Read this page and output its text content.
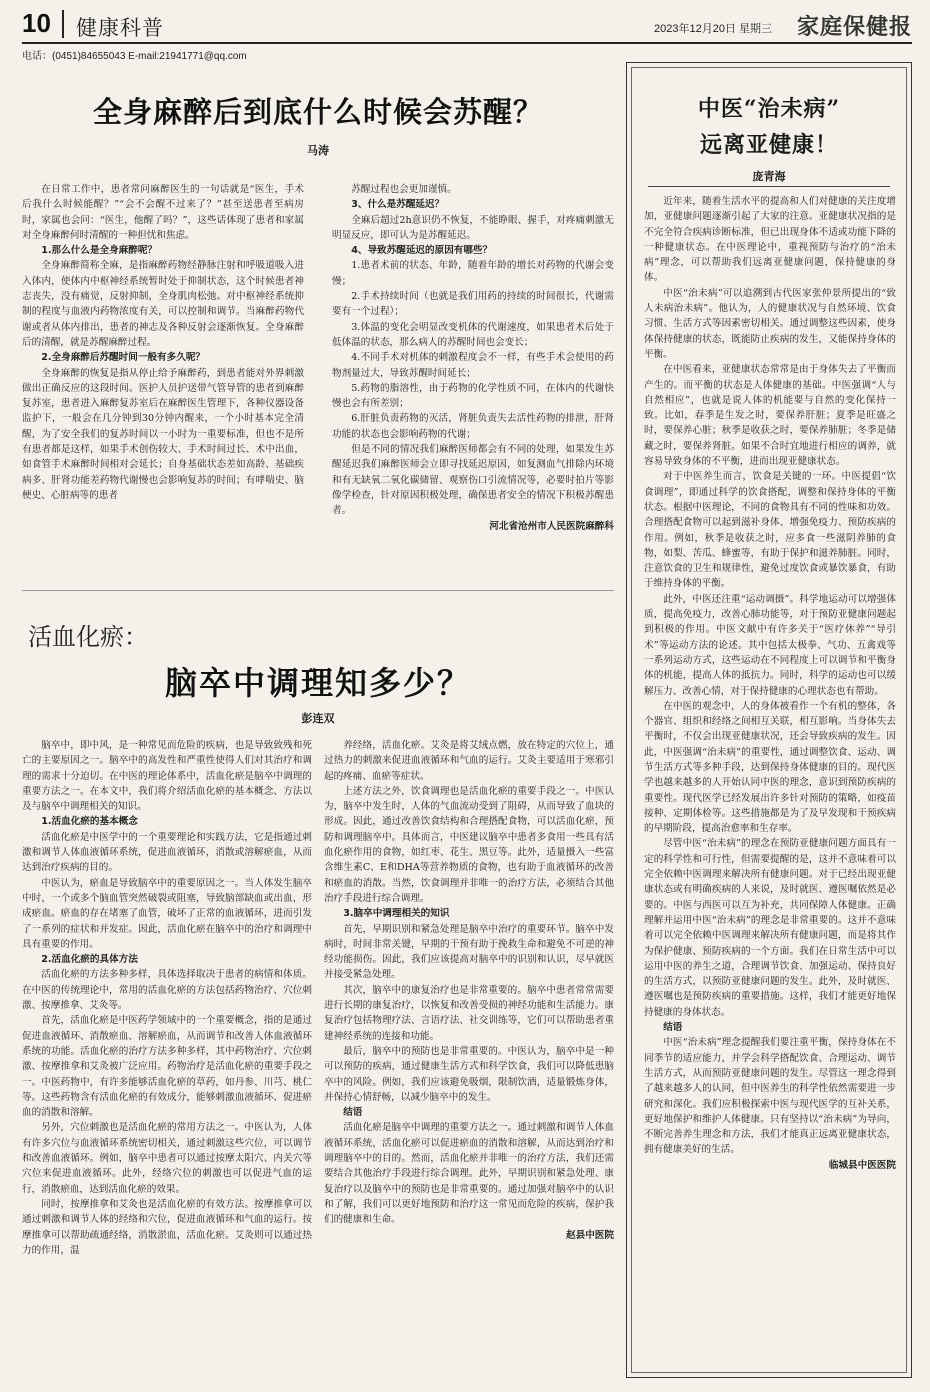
10 健康科普	2023年12月20日 星期三 家庭保健报
电话：(0451)84655043 E-mail:21941771@qq.com
全身麻醉后到底什么时候会苏醒？
马涛

在日常工作中，患者常问麻醉医生的一句话就是“医生，手术后我什么时候能醒？”“会不会醒不过来了？”甚至送患者至病房时，家属也会问：“医生，他醒了吗？”，这些话体现了患者和家属对全身麻醉何时清醒的一种担忧和焦虑。

1.那么什么是全身麻醉呢？

全身麻醉简称全麻，是指麻醉药物经静脉注射和呼吸道吸入进入体内，使体内中枢神经系统暂时处于抑制状态，这个时候患者神志丧失，没有痛觉，反射抑制，全身肌肉松弛。对中枢神经系统抑制的程度与血液内药物浓度有关，可以控制和调节。当麻醉药物代谢或者从体内排出，患者的神志及各种反射会逐渐恢复。全身麻醉后的清醒，就是苏醒麻醉过程。

2.全身麻醉后苏醒时间一般有多久呢？

全身麻醉的恢复是指从停止给予麻醉药，到患者能对外界刺激做出正确反应的这段时间。医护人员护送带气管导管的患者到麻醉复苏室，患者进入麻醉复苏室后在麻醉医生管理下，各种仪器设备监护下，一般会在几分钟到30分钟内醒来，一个小时基本完全清醒，为了安全我们的复苏时间以一小时为一重要标准，但也不是所有患者都是这样，如果手术创伤较大、手术时间过长、术中出血，如食管手术麻醉时间相对会延长；自身基础状态差如高龄、基础疾病多、肝肾功能差药物代谢慢也会影响复苏的时间；有哮喘史、脑梗史、心脏病等的患者

苏醒过程也会更加谨慎。

3、什么是苏醒延迟？

全麻后超过2h意识仍不恢复，不能睁眼、握手，对疼痛刺激无明显反应，即可认为是苏醒延迟。

4、导致苏醒延迟的原因有哪些？

1.患者术前的状态、年龄，随着年龄的增长对药物的代谢会变慢；

2.手术持续时间（也就是我们用药的持续的时间很长，代谢需要有一个过程）；

3.体温的变化会明显改变机体的代谢速度，如果患者术后处于低体温的状态，那么病人的苏醒时间也会变长；

4.不同手术对机体的刺激程度会不一样，有些手术会使用的药物剂量过大，导致苏醒时间延长；

5.药物的脂溶性，由于药物的化学性质不同，在体内的代谢快慢也会有所差别；

6.肝脏负责药物的灭活，肾脏负责失去活性药物的排泄，肝肾功能的状态也会影响药物的代谢；

但是不同的情况我们麻醉医师都会有不同的处理，如果发生苏醒延迟我们麻醉医师会立即寻找延迟原因，如复测血气排除内环境和有无缺氧二氧化碳储留、观察伤口引流情况等，必要时拍片等影像学检查，针对原因积极处理，确保患者安全的情况下积极苏醒患者。

河北省沧州市人民医院麻醉科

活血化瘀：
脑卒中调理知多少？
彭连双

脑卒中，即中风，是一种常见而危险的疾病，也是导致致残和死亡的主要原因之一。脑卒中的高发性和严重性使得人们对其治疗和调理的需求十分迫切。在中医的理论体系中，活血化瘀是脑卒中调理的重要方法之一。在本文中，我们将介绍活血化瘀的基本概念、方法以及与脑卒中调理相关的知识。

1.活血化瘀的基本概念

活血化瘀是中医学中的一个重要理论和实践方法，它是指通过刺激和调节人体血液循环系统，促进血液循环，消散或溶解瘀血，从而达到治疗疾病的目的。

中医认为，瘀血是导致脑卒中的重要原因之一。当人体发生脑卒中时，一个或多个脑血管突然破裂或阻塞，导致脑部缺血或出血，形成瘀血。瘀血的存在堵塞了血管，破坏了正常的血液循环，进而引发了一系列的症状和并发症。因此，活血化瘀在脑卒中的治疗和调理中具有重要的作用。

2.活血化瘀的具体方法

活血化瘀的方法多种多样，具体选择取决于患者的病情和体质。在中医的传统理论中，常用的活血化瘀的方法包括药物治疗、穴位刺激、按摩推拿、艾灸等。

首先，活血化瘀是中医药学领域中的一个重要概念，指的是通过促进血液循环、消散瘀血、溶解瘀血，从而调节和改善人体血液循环系统的功能。活血化瘀的治疗方法多种多样，其中药物治疗、穴位刺激、按摩推拿和艾灸被广泛应用。药物治疗是活血化瘀的重要手段之一。中医药物中，有许多能够活血化瘀的草药，如丹参、川芎、桃仁等。这些药物含有活血化瘀的有效成分，能够刺激血液循环、促进瘀血的消散和溶解。

另外，穴位刺激也是活血化瘀的常用方法之一。中医认为，人体有许多穴位与血液循环系统密切相关，通过刺激这些穴位，可以调节和改善血液循环。例如，脑卒中患者可以通过按摩太阳穴、内关穴等穴位来促进血液循环。此外，经络穴位的刺激也可以促进气血的运行，消散瘀血，达到活血化瘀的效果。

同时，按摩推拿和艾灸也是活血化瘀的有效方法。按摩推拿可以通过刺激和调节人体的经络和穴位，促进血液循环和气血的运行。按摩推拿可以帮助疏通经络，消散淤血，活血化瘀。艾灸则可以通过热力的作用，温

养经络，活血化瘀。艾灸是将艾绒点燃，放在特定的穴位上，通过热力的刺激来促进血液循环和气血的运行。艾灸主要适用于寒邪引起的疼痛、血瘀等症状。

上述方法之外，饮食调理也是活血化瘀的重要手段之一。中医认为，脑卒中发生时，人体的气血流动受到了阻碍，从而导致了血块的形成。因此，通过改善饮食结构和合理搭配食物，可以活血化瘀，预防和调理脑卒中。具体而言，中医建议脑卒中患者多食用一些具有活血化瘀作用的食物，如红枣、花生、黑豆等。此外，适量摄入一些富含维生素C、E和DHA等营养物质的食物，也有助于血液循环的改善和瘀血的消散。当然，饮食调理并非唯一的治疗方法，必须结合其他治疗手段进行综合调理。

3.脑卒中调理相关的知识

首先，早期识别和紧急处理是脑卒中治疗的重要环节。脑卒中发病时，时间非常关键，早期的干预有助于挽救生命和避免不可逆的神经功能损伤。因此，我们应该提高对脑卒中的识别和认识，尽早就医并接受紧急处理。

其次，脑卒中的康复治疗也是非常重要的。脑卒中患者常常需要进行长期的康复治疗，以恢复和改善受损的神经功能和生活能力。康复治疗包括物理疗法、言语疗法、社交训练等，它们可以帮助患者重建神经系统的连接和功能。

最后，脑卒中的预防也是非常重要的。中医认为，脑卒中是一种可以预防的疾病，通过健康生活方式和科学饮食，我们可以降低患脑卒中的风险。例如，我们应该避免吸烟，限制饮酒，适量锻炼身体，并保持心情舒畅，以减少脑卒中的发生。

结语

活血化瘀是脑卒中调理的重要方法之一。通过刺激和调节人体血液循环系统，活血化瘀可以促进瘀血的消散和溶解，从而达到治疗和调理脑卒中的目的。然而，活血化瘀并非唯一的治疗方法，我们还需要结合其他治疗手段进行综合调理。此外，早期识别和紧急处理、康复治疗以及脑卒中的预防也是非常重要的。通过加强对脑卒中的认识和了解，我们可以更好地预防和治疗这一常见而危险的疾病，保护我们的健康和生命。

赵县中医院

中医“治未病”
远离亚健康！
庞青海

近年来，随着生活水平的提高和人们对健康的关注度增加，亚健康问题逐渐引起了大家的注意。亚健康状况指的是不完全符合疾病诊断标准，但已出现身体不适或功能下降的一种健康状态。在中医理论中，重视预防与治疗的“治未病”理念，可以帮助我们远离亚健康问题，保持健康的身体。

中医“治未病”可以追溯到古代医家张仲景所提出的“致人未病治未病”。他认为，人的健康状况与自然环境、饮食习惯、生活方式等因素密切相关。通过调整这些因素，使身体保持健康的状态，既能防止疾病的发生，又能保持身体的平衡。

在中医看来，亚健康状态常常是由于身体失去了平衡而产生的。而平衡的状态是人体健康的基础。中医强调“人与自然相应”，也就是说人体的机能要与自然的变化保持一致。比如，春季是生发之时，要保养肝脏；夏季是旺盛之时，要保养心脏；秋季是收获之时，要保养肺脏；冬季是储藏之时，要保养肾脏。如果不合时宜地进行相应的调养，就容易导致身体的不平衡，进而出现亚健康状态。

对于中医养生而言，饮食是关键的一环。中医提倡“饮食调理”，即通过科学的饮食搭配，调整和保持身体的平衡状态。根据中医理论，不同的食物具有不同的性味和功效。合理搭配食物可以起到滋补身体、增强免疫力、预防疾病的作用。例如，秋季是收获之时，应多食一些滋阴养肺的食物，如梨、苦瓜、蜂蜜等，有助于保护和滋养肺脏。同时，注意饮食的卫生和规律性，避免过度饮食或暴饮暴食，有助于维持身体的平衡。

此外，中医还注重“运动调摄”。科学地运动可以增强体质，提高免疫力，改善心肺功能等，对于预防亚健康问题起到积极的作用。中医文献中有许多关于“医疗休养”“导引术”等运动方法的论述。其中包括太极拳、气功、五禽戏等一系列运动方式，这些运动在不同程度上可以调节和平衡身体的机能，提高人体的抵抗力。同时，科学的运动也可以缓解压力、改善心情，对于保持健康的心理状态也有帮助。

在中医的观念中，人的身体被看作一个有机的整体，各个器官、组织和经络之间相互关联，相互影响。当身体失去平衡时，不仅会出现亚健康状况，还会导致疾病的发生。因此，中医强调“治未病”的重要性，通过调整饮食、运动、调节生活方式等多种手段，达到保持身体健康的目的。现代医学也越来越多的人开始认同中医的理念，意识到预防疾病的重要性。现代医学已经发展出许多针对预防的策略，如疫苗接种、定期体检等。这些措施都是为了及早发现和干预疾病的早期阶段，提高治愈率和生存率。

尽管中医“治未病”的理念在预防亚健康问题方面具有一定的科学性和可行性，但需要提醒的是，这并不意味着可以完全依赖中医调理来解决所有健康问题。对于已经出现亚健康状态或有明确疾病的人来说，及时就医、遵医嘱依然是必要的。中医与西医可以互为补充，共同保障人体健康。正确理解并运用中医“治未病”的理念是非常重要的。这并不意味着可以完全依赖中医调理来解决所有健康问题，而是将其作为保护健康、预防疾病的一个方面。我们在日常生活中可以运用中医的养生之道，合理调节饮食、加强运动、保持良好的生活方式，以预防亚健康问题的发生。此外，及时就医、遵医嘱也是预防疾病的重要措施。这样，我们才能更好地保持健康的身体状态。

结语

中医“治未病”理念提醒我们要注重平衡，保持身体在不同季节的适应能力，并学会科学搭配饮食、合理运动、调节生活方式，从而预防亚健康问题的发生。尽管这一理念得到了越来越多人的认同，但中医养生的科学性依然需要进一步研究和深化。我们应积极探索中医与现代医学的互补关系，更好地保护和维护人体健康。只有坚持以“治未病”为导向，不断完善养生理念和方法，我们才能真正远离亚健康状态，拥有健康美好的生活。

临城县中医医院
